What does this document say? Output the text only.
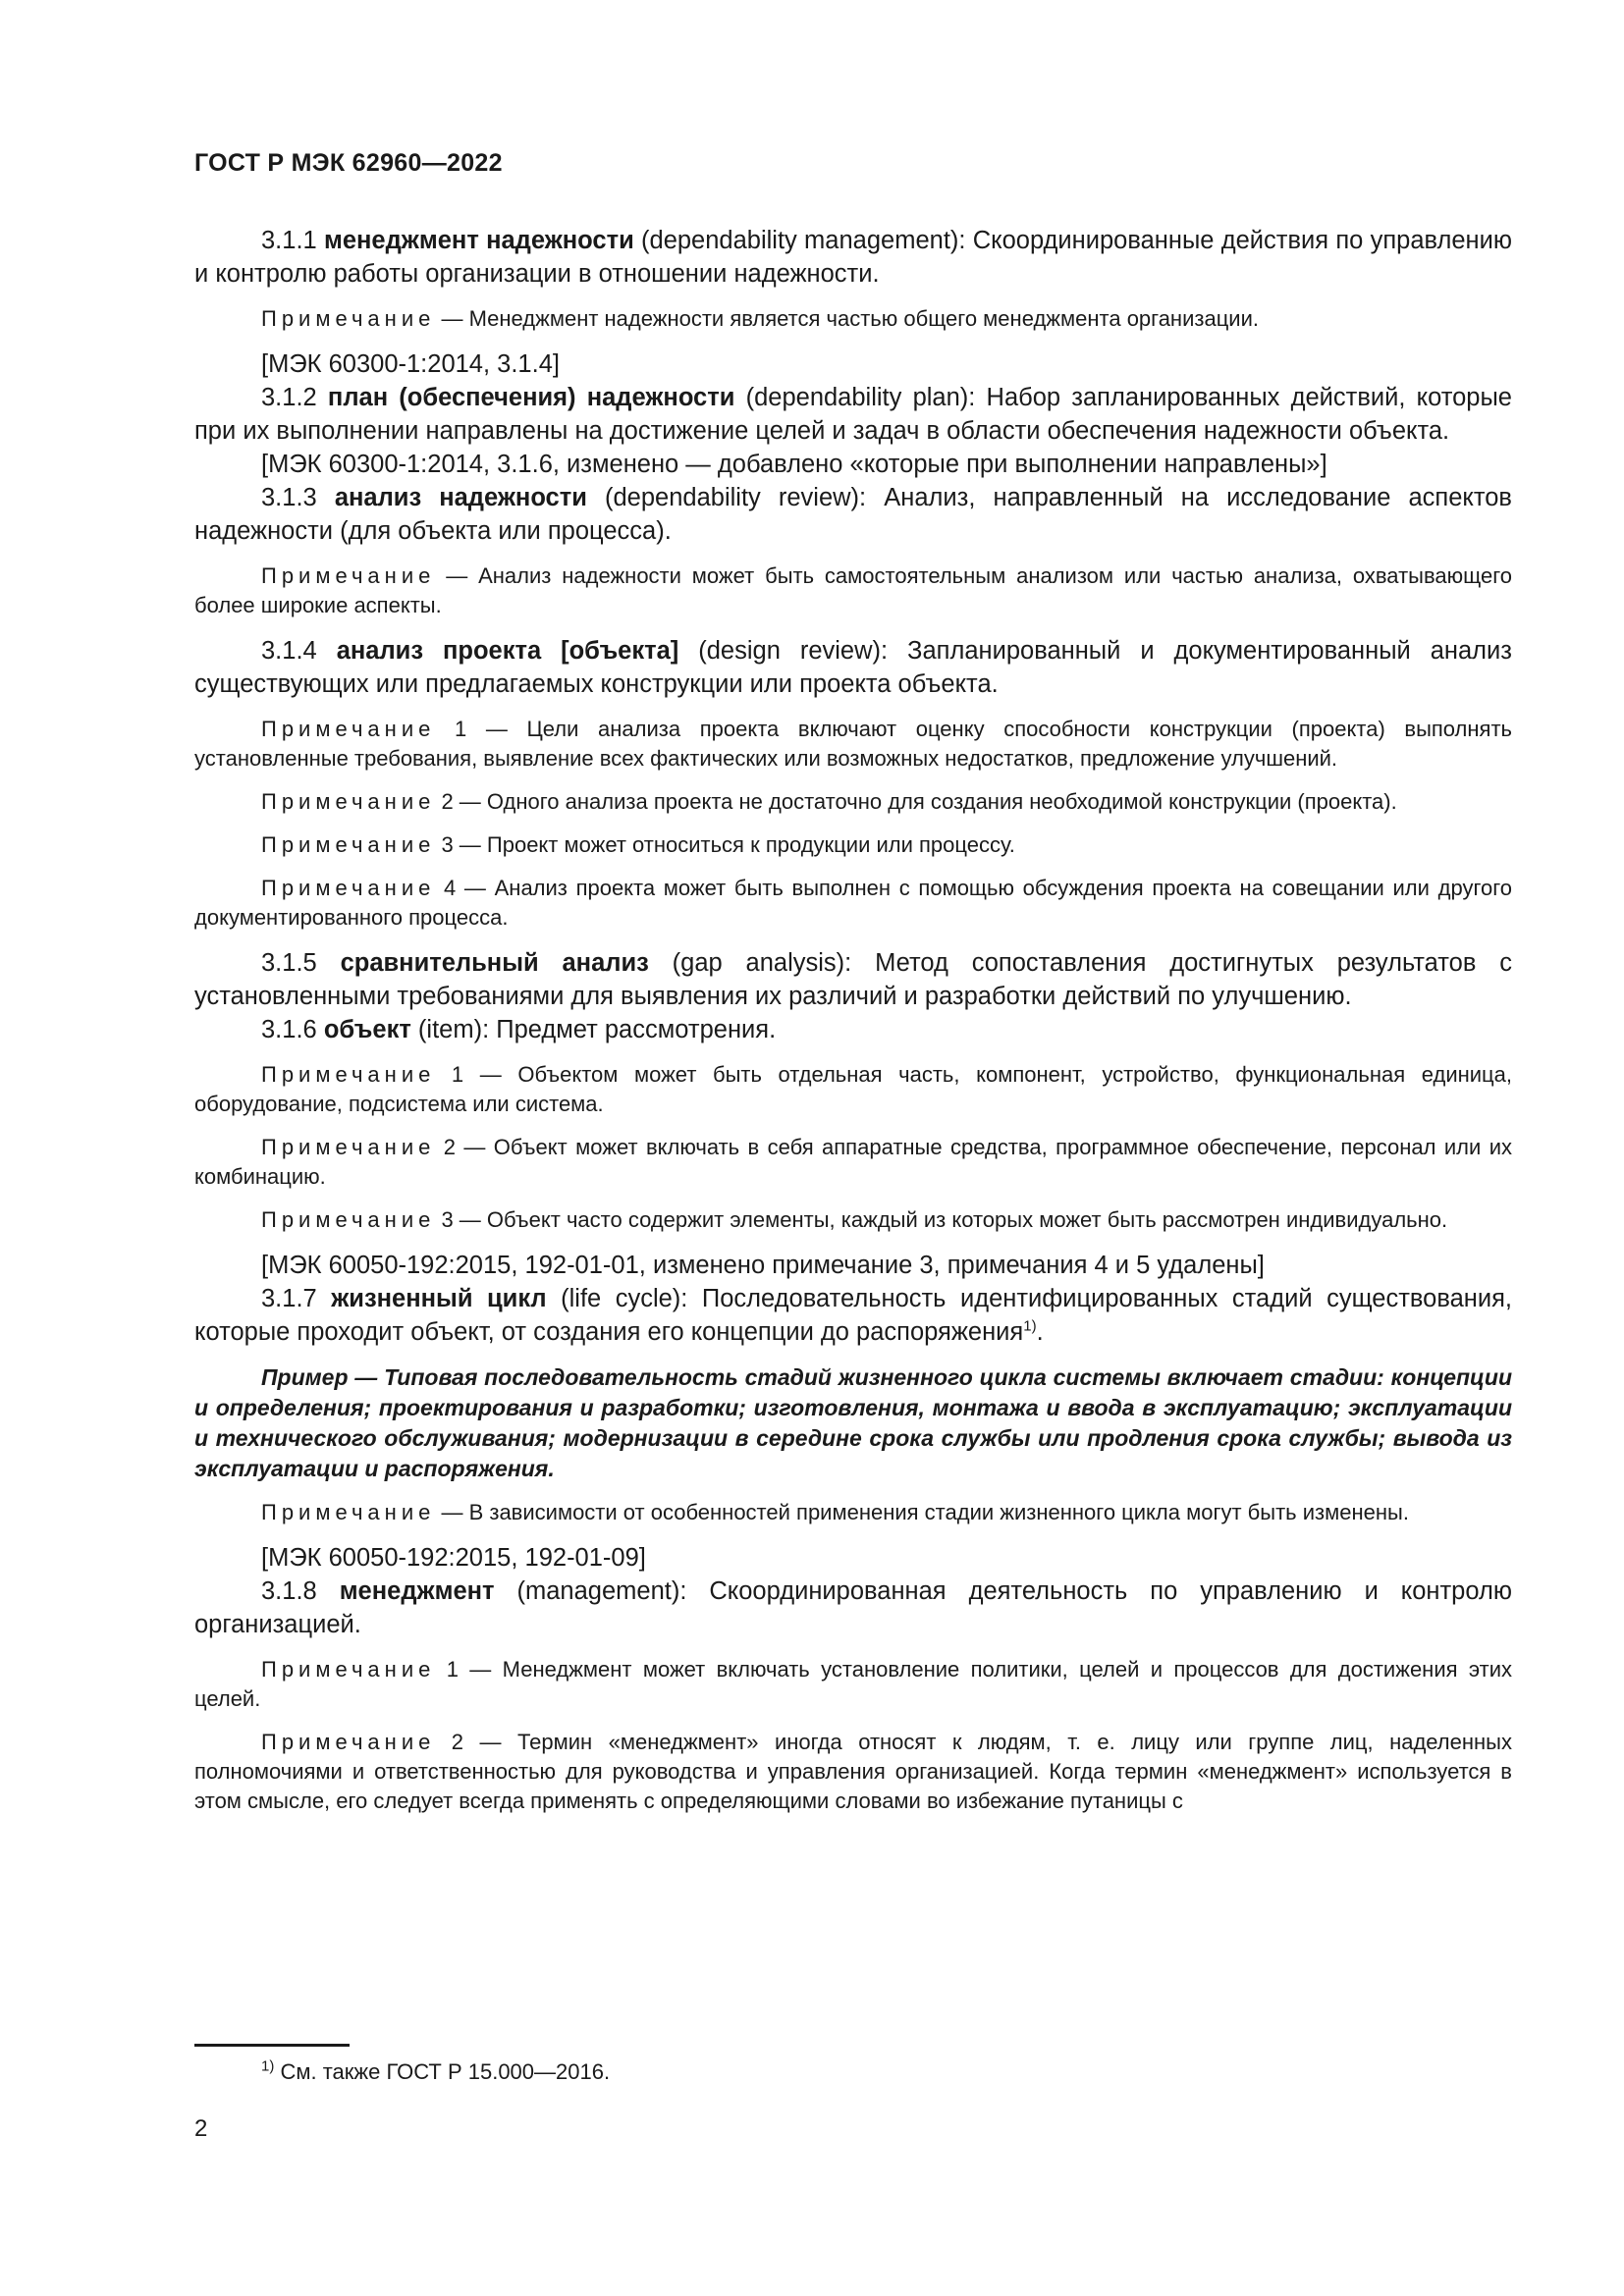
ГОСТ Р МЭК 62960—2022

3.1.1 менеджмент надежности (dependability management): Скоординированные действия по управлению и контролю работы организации в отношении надежности.

Примечание — Менеджмент надежности является частью общего менеджмента организации.

[МЭК 60300-1:2014, 3.1.4]

3.1.2 план (обеспечения) надежности (dependability plan): Набор запланированных действий, которые при их выполнении направлены на достижение целей и задач в области обеспечения надежности объекта.

[МЭК 60300-1:2014, 3.1.6, изменено — добавлено «которые при выполнении направлены»]

3.1.3 анализ надежности (dependability review): Анализ, направленный на исследование аспектов надежности (для объекта или процесса).

Примечание — Анализ надежности может быть самостоятельным анализом или частью анализа, охватывающего более широкие аспекты.

3.1.4 анализ проекта [объекта] (design review): Запланированный и документированный анализ существующих или предлагаемых конструкции или проекта объекта.

Примечание 1 — Цели анализа проекта включают оценку способности конструкции (проекта) выполнять установленные требования, выявление всех фактических или возможных недостатков, предложение улучшений.

Примечание 2 — Одного анализа проекта не достаточно для создания необходимой конструкции (проекта).

Примечание 3 — Проект может относиться к продукции или процессу.

Примечание 4 — Анализ проекта может быть выполнен с помощью обсуждения проекта на совещании или другого документированного процесса.

3.1.5 сравнительный анализ (gap analysis): Метод сопоставления достигнутых результатов с установленными требованиями для выявления их различий и разработки действий по улучшению.

3.1.6 объект (item): Предмет рассмотрения.

Примечание 1 — Объектом может быть отдельная часть, компонент, устройство, функциональная единица, оборудование, подсистема или система.

Примечание 2 — Объект может включать в себя аппаратные средства, программное обеспечение, персонал или их комбинацию.

Примечание 3 — Объект часто содержит элементы, каждый из которых может быть рассмотрен индивидуально.

[МЭК 60050-192:2015, 192-01-01, изменено примечание 3, примечания 4 и 5 удалены]

3.1.7 жизненный цикл (life cycle): Последовательность идентифицированных стадий существования, которые проходит объект, от создания его концепции до распоряжения$^{1)}$.

Пример — Типовая последовательность стадий жизненного цикла системы включает стадии: концепции и определения; проектирования и разработки; изготовления, монтажа и ввода в эксплуатацию; эксплуатации и технического обслуживания; модернизации в середине срока службы или продления срока службы; вывода из эксплуатации и распоряжения.

Примечание — В зависимости от особенностей применения стадии жизненного цикла могут быть изменены.

[МЭК 60050-192:2015, 192-01-09]

3.1.8 менеджмент (management): Скоординированная деятельность по управлению и контролю организацией.

Примечание 1 — Менеджмент может включать установление политики, целей и процессов для достижения этих целей.

Примечание 2 — Термин «менеджмент» иногда относят к людям, т. е. лицу или группе лиц, наделенных полномочиями и ответственностью для руководства и управления организацией. Когда термин «менеджмент» используется в этом смысле, его следует всегда применять с определяющими словами во избежание путаницы с

$^{1)}$ См. также ГОСТ Р 15.000—2016.
2
